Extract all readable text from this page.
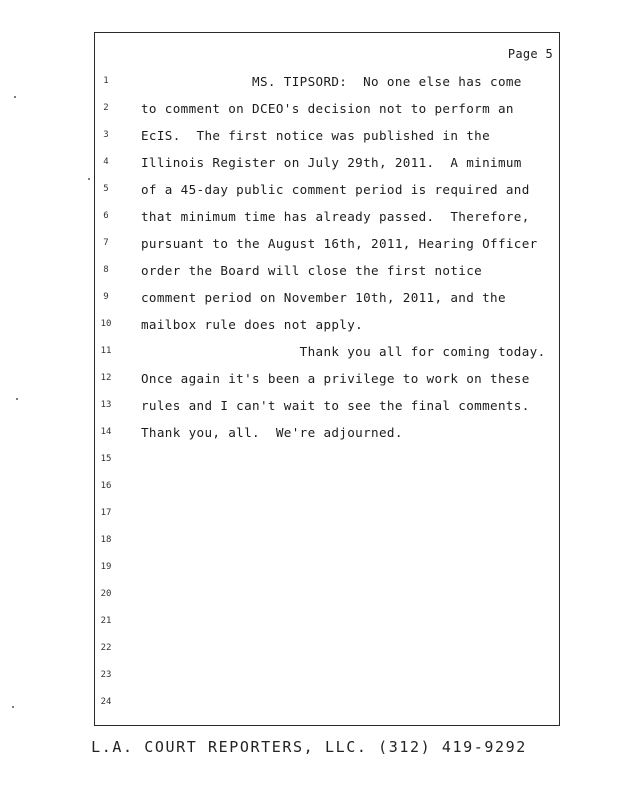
Page 5
1	MS. TIPSORD:  No one else has come
2	to comment on DCEO's decision not to perform an
3	EcIS.  The first notice was published in the
4	Illinois Register on July 29th, 2011.  A minimum
5	of a 45-day public comment period is required and
6	that minimum time has already passed.  Therefore,
7	pursuant to the August 16th, 2011, Hearing Officer
8	order the Board will close the first notice
9	comment period on November 10th, 2011, and the
10	mailbox rule does not apply.
11	Thank you all for coming today.
12	Once again it's been a privilege to work on these
13	rules and I can't wait to see the final comments.
14	Thank you, all.  We're adjourned.
15
16
17
18
19
20
21
22
23
24
L.A. COURT REPORTERS, LLC. (312) 419-9292
